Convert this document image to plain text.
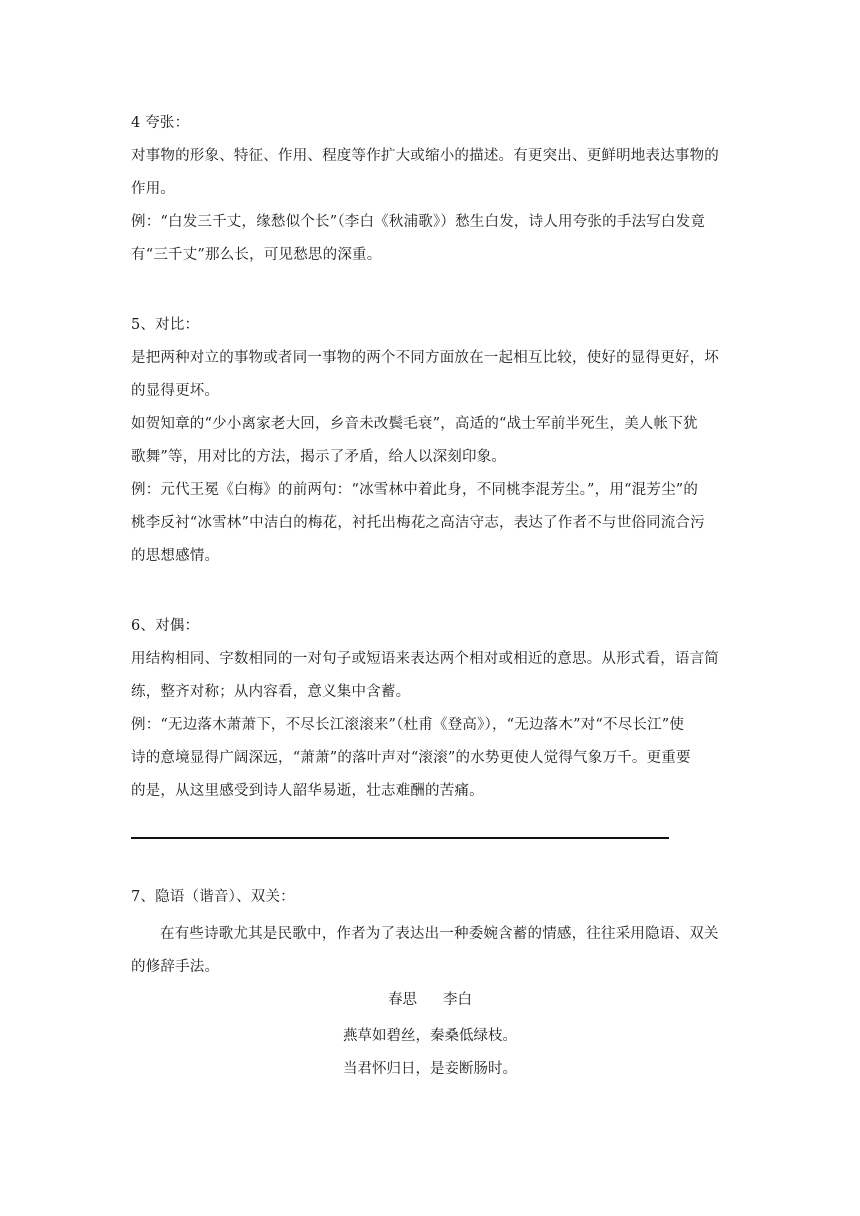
4 夸张：
对事物的形象、特征、作用、程度等作扩大或缩小的描述。有更突出、更鲜明地表达事物的
作用。
例：“白发三千丈，缘愁似个长”（李白《秋浦歌》）愁生白发，诗人用夸张的手法写白发竟
有“三千丈”那么长，可见愁思的深重。
5、对比：
是把两种对立的事物或者同一事物的两个不同方面放在一起相互比较，使好的显得更好，坏
的显得更坏。
如贺知章的“少小离家老大回，乡音未改鬓毛衰”，高适的“战士军前半死生，美人帐下犹
歌舞”等，用对比的方法，揭示了矛盾，给人以深刻印象。
例：元代王冕《白梅》的前两句：“冰雪林中着此身，不同桃李混芳尘。”，用“混芳尘”的
桃李反衬“冰雪林”中洁白的梅花，衬托出梅花之高洁守志，表达了作者不与世俗同流合污
的思想感情。
6、对偶：
用结构相同、字数相同的一对句子或短语来表达两个相对或相近的意思。从形式看，语言简
练，整齐对称；从内容看，意义集中含蓄。
例：“无边落木萧萧下，不尽长江滚滚来”（杜甫《登高》），“无边落木”对“不尽长江”使
诗的意境显得广阔深远，“萧萧”的落叶声对“滚滚”的水势更使人觉得气象万千。更重要
的是，从这里感受到诗人韶华易逝，壮志难酬的苦痛。
7、隐语（谐音）、双关：
在有些诗歌尤其是民歌中，作者为了表达出一种委婉含蓄的情感，往往采用隐语、双关
的修辞手法。
春思 李白
燕草如碧丝，秦桑低绿枝。
当君怀归日，是妾断肠时。
